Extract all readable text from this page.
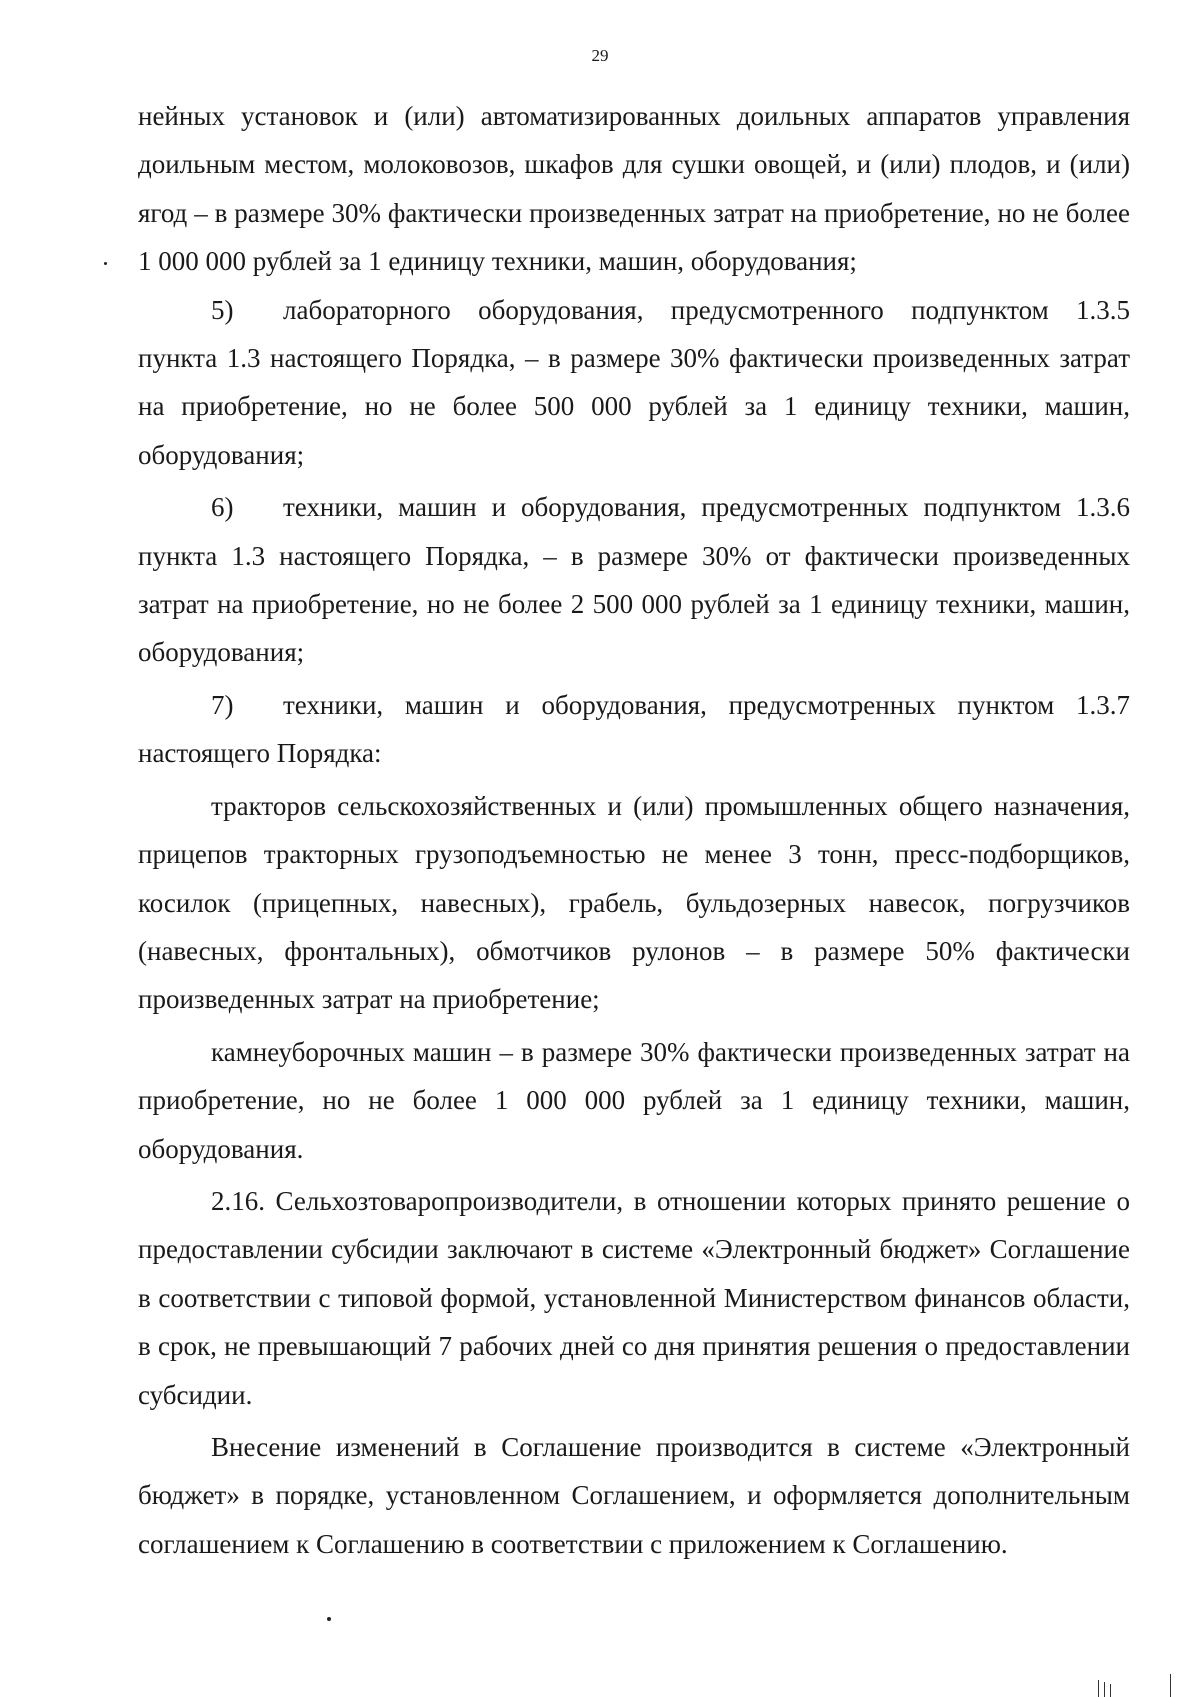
29

нейных установок и (или) автоматизированных доильных аппаратов управления доильным местом, молоковозов, шкафов для сушки овощей, и (или) плодов, и (или) ягод – в размере 30% фактически произведенных затрат на приобретение, но не более 1 000 000 рублей за 1 единицу техники, машин, оборудования;

5) лабораторного оборудования, предусмотренного подпунктом 1.3.5 пункта 1.3 настоящего Порядка, – в размере 30% фактически произведенных затрат на приобретение, но не более 500 000 рублей за 1 единицу техники, машин, оборудования;

6) техники, машин и оборудования, предусмотренных подпунктом 1.3.6 пункта 1.3 настоящего Порядка, – в размере 30% от фактически произведенных затрат на приобретение, но не более 2 500 000 рублей за 1 единицу техники, машин, оборудования;

7) техники, машин и оборудования, предусмотренных пунктом 1.3.7 настоящего Порядка:

тракторов сельскохозяйственных и (или) промышленных общего назначения, прицепов тракторных грузоподъемностью не менее 3 тонн, пресс-подборщиков, косилок (прицепных, навесных), грабель, бульдозерных навесок, погрузчиков (навесных, фронтальных), обмотчиков рулонов – в размере 50% фактически произведенных затрат на приобретение;

камнеуборочных машин – в размере 30% фактически произведенных затрат на приобретение, но не более 1 000 000 рублей за 1 единицу техники, машин, оборудования.

2.16. Сельхозтоваропроизводители, в отношении которых принято решение о предоставлении субсидии заключают в системе «Электронный бюджет» Соглашение в соответствии с типовой формой, установленной Министерством финансов области, в срок, не превышающий 7 рабочих дней со дня принятия решения о предоставлении субсидии.

Внесение изменений в Соглашение производится в системе «Электронный бюджет» в порядке, установленном Соглашением, и оформляется дополнительным соглашением к Соглашению в соответствии с приложением к Соглашению.
